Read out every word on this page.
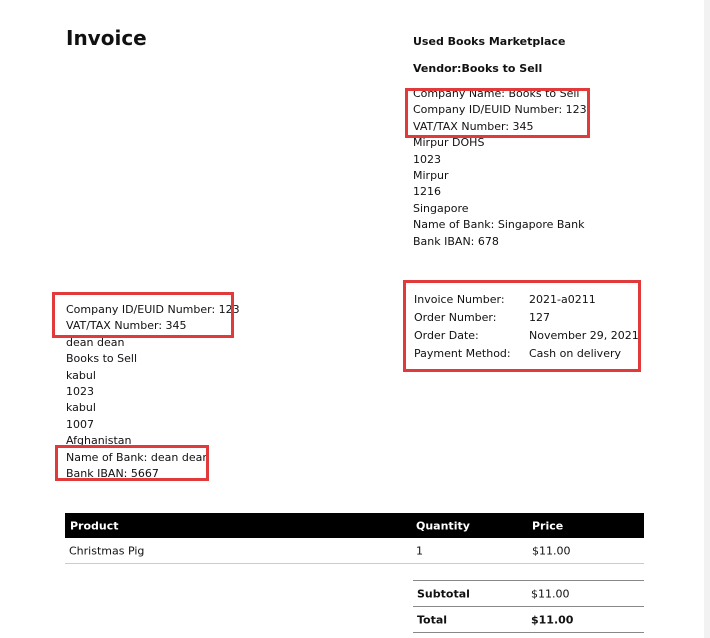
Invoice	Used Books Marketplace
Vendor:Books to Sell
Company Name: Books to Sell
Company ID/EUID Number: 123
VAT/TAX Number: 345
Mirpur DOHS
1023
Mirpur
1216
Singapore
Name of Bank: Singapore Bank
Bank IBAN: 678
Company ID/EUID Number: 123
VAT/TAX Number: 345
dean dean
Books to Sell
kabul
1023
kabul
1007
Afghanistan
Name of Bank: dean dean
Bank IBAN: 5667
Invoice Number:	2021-a0211
Order Number:	127
Order Date:	November 29, 2021
Payment Method:	Cash on delivery
Product	Quantity	Price
Christmas Pig	1	$11.00
Subtotal	$11.00
Total	$11.00
